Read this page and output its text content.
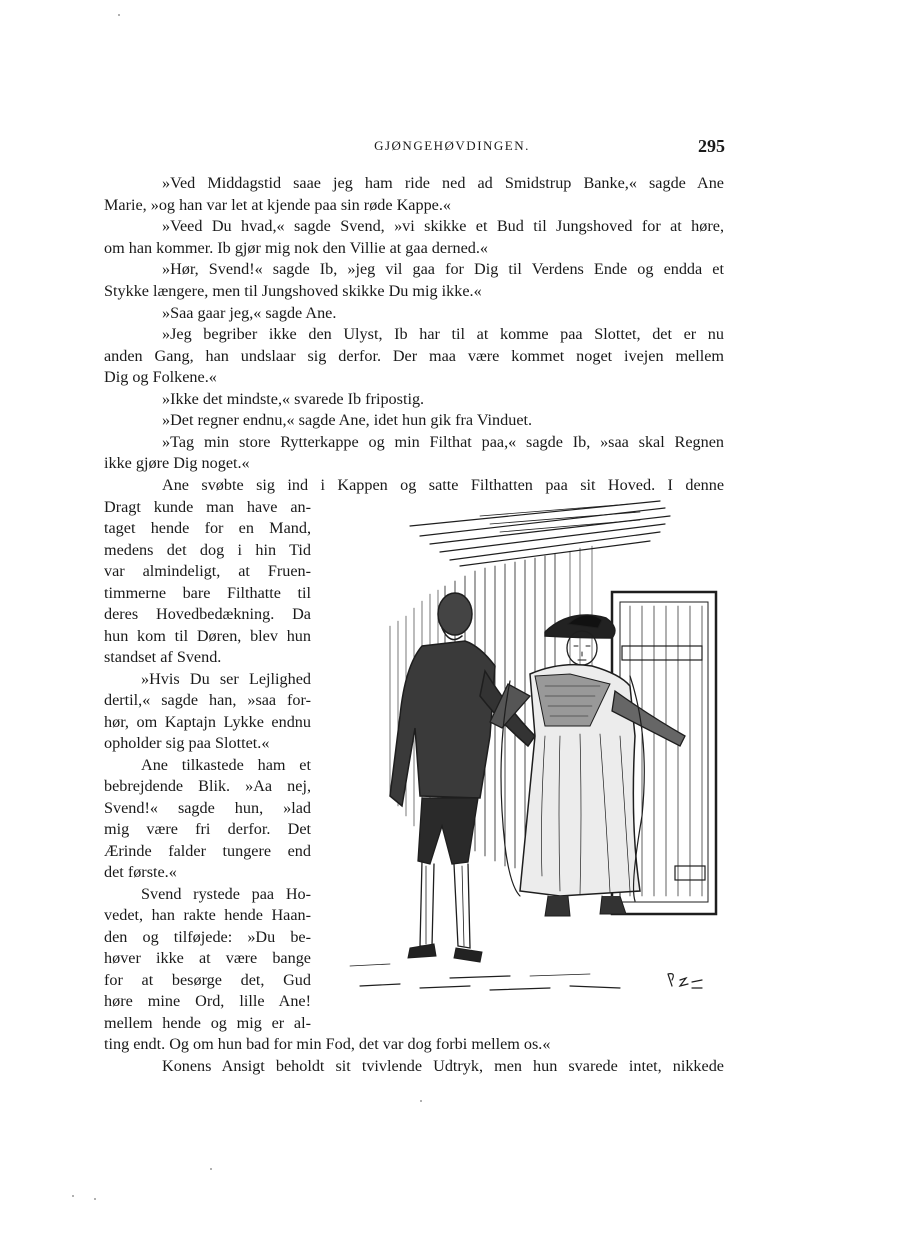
GJØNGEHØVDINGEN.	295
»Ved Middagstid saae jeg ham ride ned ad Smidstrup Banke,« sagde Ane
Marie, »og han var let at kjende paa sin røde Kappe.«
»Veed Du hvad,« sagde Svend, »vi skikke et Bud til Jungshoved for at høre,
om han kommer. Ib gjør mig nok den Villie at gaa derned.«
»Hør, Svend!« sagde Ib, »jeg vil gaa for Dig til Verdens Ende og endda et
Stykke længere, men til Jungshoved skikke Du mig ikke.«
»Saa gaar jeg,« sagde Ane.
»Jeg begriber ikke den Ulyst, Ib har til at komme paa Slottet, det er nu
anden Gang, han undslaar sig derfor. Der maa være kommet noget ivejen mellem
Dig og Folkene.«
»Ikke det mindste,« svarede Ib fripostig.
»Det regner endnu,« sagde Ane, idet hun gik fra Vinduet.
»Tag min store Rytterkappe og min Filthat paa,« sagde Ib, »saa skal Regnen
ikke gjøre Dig noget.«
Ane svøbte sig ind i Kappen og satte Filthatten paa sit Hoved. I denne
Dragt kunde man have an-
taget hende for en Mand,
medens det dog i hin Tid
var almindeligt, at Fruen-
timmerne bare Filthatte til
deres Hovedbedækning. Da
hun kom til Døren, blev hun
standset af Svend.
»Hvis Du ser Lejlighed
dertil,« sagde han, »saa for-
hør, om Kaptajn Lykke endnu
opholder sig paa Slottet.«
Ane tilkastede ham et
bebrejdende Blik. »Aa nej,
Svend!« sagde hun, »lad
mig være fri derfor. Det
Ærinde falder tungere end
det første.«
Svend rystede paa Ho-
vedet, han rakte hende Haan-
den og tilføjede: »Du be-
høver ikke at være bange
for at besørge det, Gud
høre mine Ord, lille Ane!
mellem hende og mig er al-
ting endt. Og om hun bad for min Fod, det var dog forbi mellem os.«
Konens Ansigt beholdt sit tvivlende Udtryk, men hun svarede intet, nikkede
